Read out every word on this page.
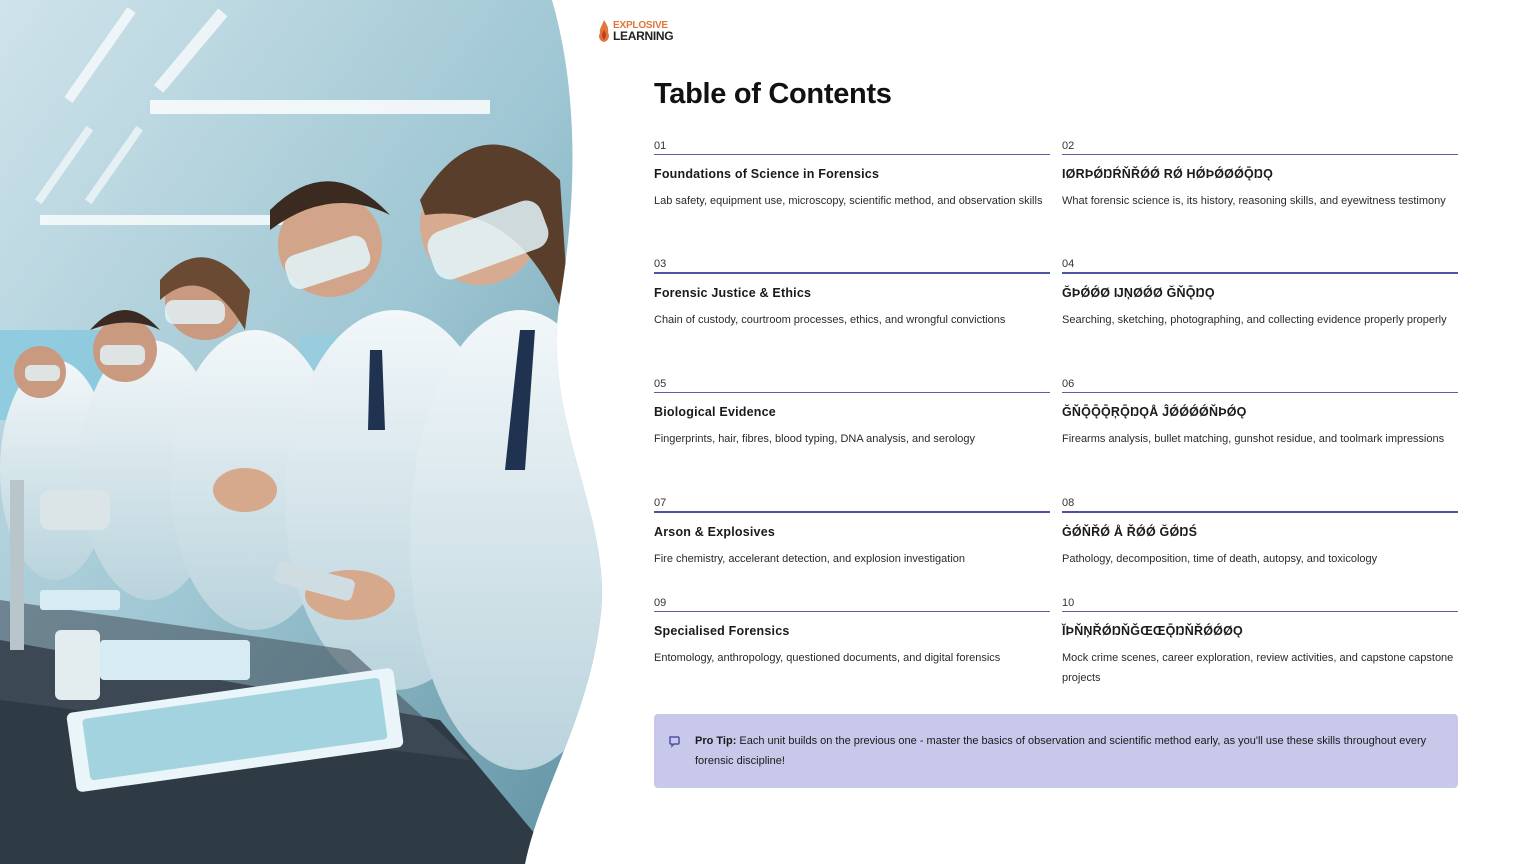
EXPLOSIVE
LEARNING
Table of Contents
01
Foundations of Science in Forensics
Lab safety, equipment use, microscopy, scientific method, and observation skills
02
IØRÞǾŊŔŇŘǾǾ RǾ HǾÞǾØǾǬŊǪ
What forensic science is, its history, reasoning skills, and eyewitness testimony
03
Forensic Justice & Ethics
Chain of custody, courtroom processes, ethics, and wrongful convictions
04
ĞÞǾǾØ ĲŅØǾØ ĞŇǬŊǪ
Searching, sketching, photographing, and collecting evidence properly properly
05
Biological Evidence
Fingerprints, hair, fibres, blood typing, DNA analysis, and serology
06
ĞŇǬǬǬŖǬŊǪÅ ĴǾǾǾǾŇÞǾǪ
Firearms analysis, bullet matching, gunshot residue, and toolmark impressions
07
Arson & Explosives
Fire chemistry, accelerant detection, and explosion investigation
08
ĠǾŇŘǾ Å ŘǾǾ ĞǾŊŚ
Pathology, decomposition, time of death, autopsy, and toxicology
09
Specialised Forensics
Entomology, anthropology, questioned documents, and digital forensics
10
ĬÞŇŅŘǾŊŇǦŒŒǬŊŇŘǾǾØǪ
Mock crime scenes, career exploration, review activities, and capstone capstone projects
Pro Tip: Each unit builds on the previous one - master the basics of observation and scientific method early, as you'll use these skills throughout every forensic discipline!
